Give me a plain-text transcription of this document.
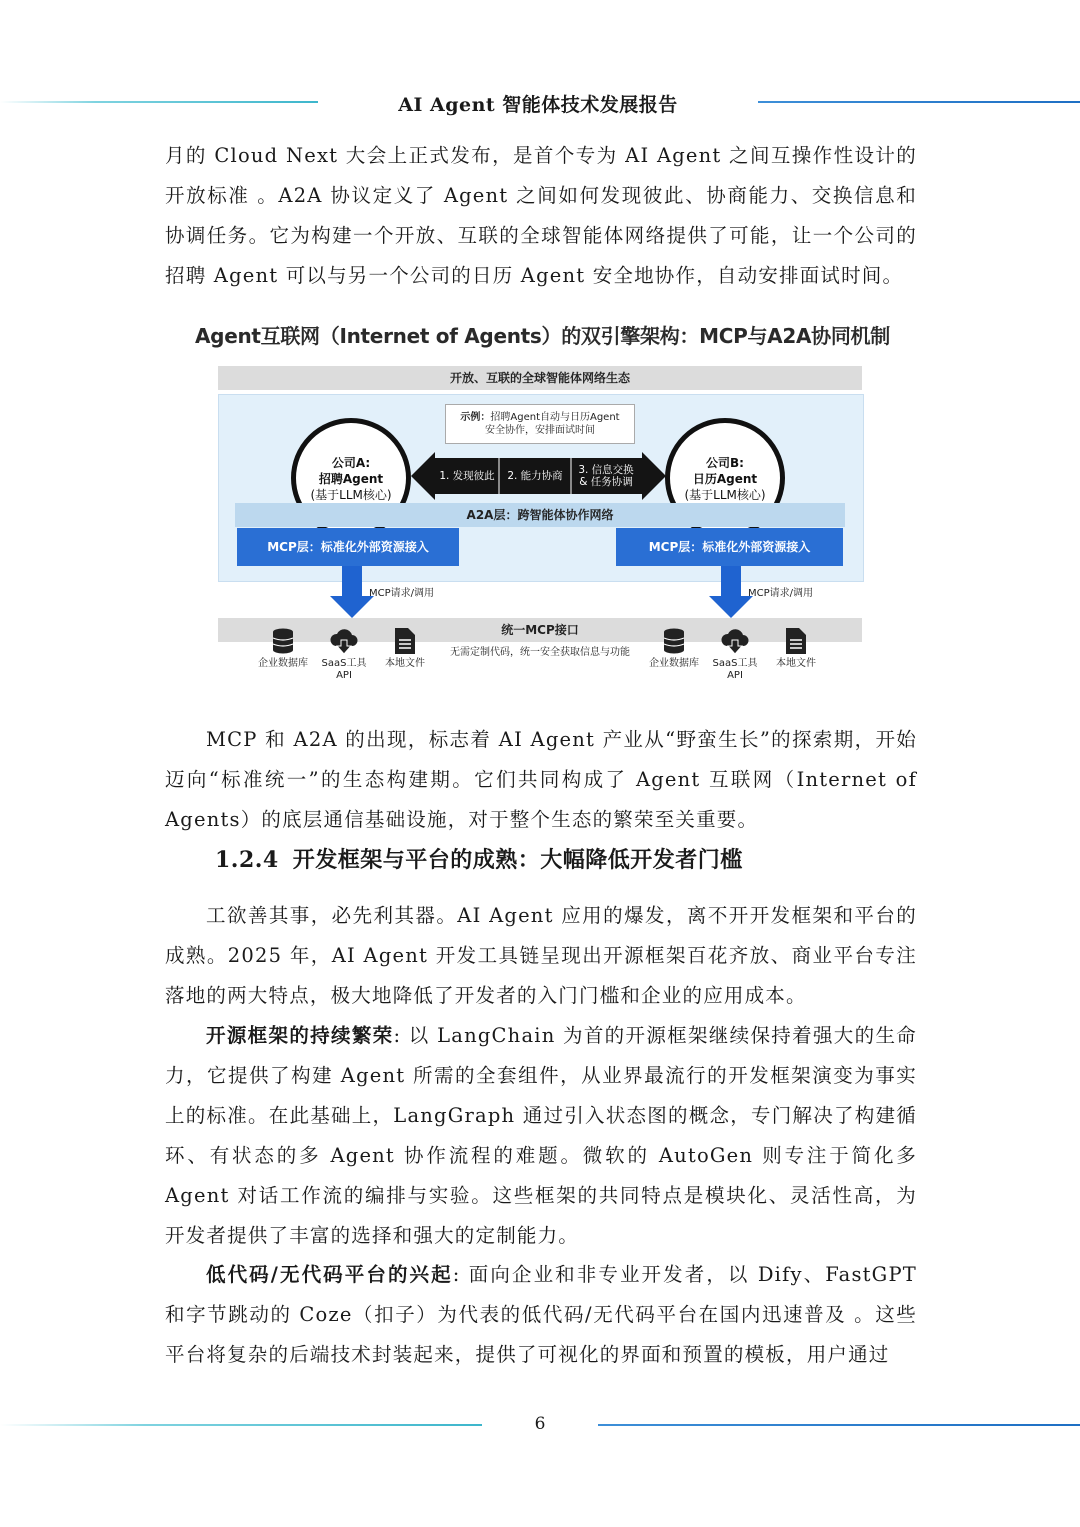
AI Agent 智能体技术发展报告

月的 Cloud Next 大会上正式发布，是首个专为 AI Agent 之间互操作性设计的开放标准 。A2A 协议定义了 Agent 之间如何发现彼此、协商能力、交换信息和协调任务。它为构建一个开放、互联的全球智能体网络提供了可能，让一个公司的招聘 Agent 可以与另一个公司的日历 Agent 安全地协作，自动安排面试时间。

Agent互联网（Internet of Agents）的双引擎架构：MCP与A2A协同机制
开放、互联的全球智能体网络生态
示例：招聘Agent自动与日历Agent
安全协作，安排面试时间
公司A:
招聘Agent
(基于LLM核心)
公司B:
日历Agent
(基于LLM核心)
1. 发现彼此	2. 能力协商	3. 信息交换
& 任务协调
A2A层：跨智能体协作网络
MCP层：标准化外部资源接入	MCP层：标准化外部资源接入
MCP请求/调用	MCP请求/调用
统一MCP接口
无需定制代码，统一安全获取信息与功能
企业数据库	SaaS工具
API
本地文件	企业数据库	SaaS工具
API
本地文件

MCP 和 A2A 的出现，标志着 AI Agent 产业从“野蛮生长”的探索期，开始迈向“标准统一”的生态构建期。它们共同构成了 Agent 互联网（Internet of Agents）的底层通信基础设施，对于整个生态的繁荣至关重要。

1.2.4 开发框架与平台的成熟：大幅降低开发者门槛

工欲善其事，必先利其器。AI Agent 应用的爆发，离不开开发框架和平台的成熟。2025 年，AI Agent 开发工具链呈现出开源框架百花齐放、商业平台专注落地的两大特点，极大地降低了开发者的入门门槛和企业的应用成本。

开源框架的持续繁荣: 以 LangChain 为首的开源框架继续保持着强大的生命力，它提供了构建 Agent 所需的全套组件，从业界最流行的开发框架演变为事实上的标准。在此基础上，LangGraph 通过引入状态图的概念，专门解决了构建循环、有状态的多 Agent 协作流程的难题。微软的 AutoGen 则专注于简化多 Agent 对话工作流的编排与实验。这些框架的共同特点是模块化、灵活性高，为开发者提供了丰富的选择和强大的定制能力。

低代码/无代码平台的兴起: 面向企业和非专业开发者，以 Dify、FastGPT 和字节跳动的 Coze（扣子）为代表的低代码/无代码平台在国内迅速普及 。这些平台将复杂的后端技术封装起来，提供了可视化的界面和预置的模板，用户通过

6
